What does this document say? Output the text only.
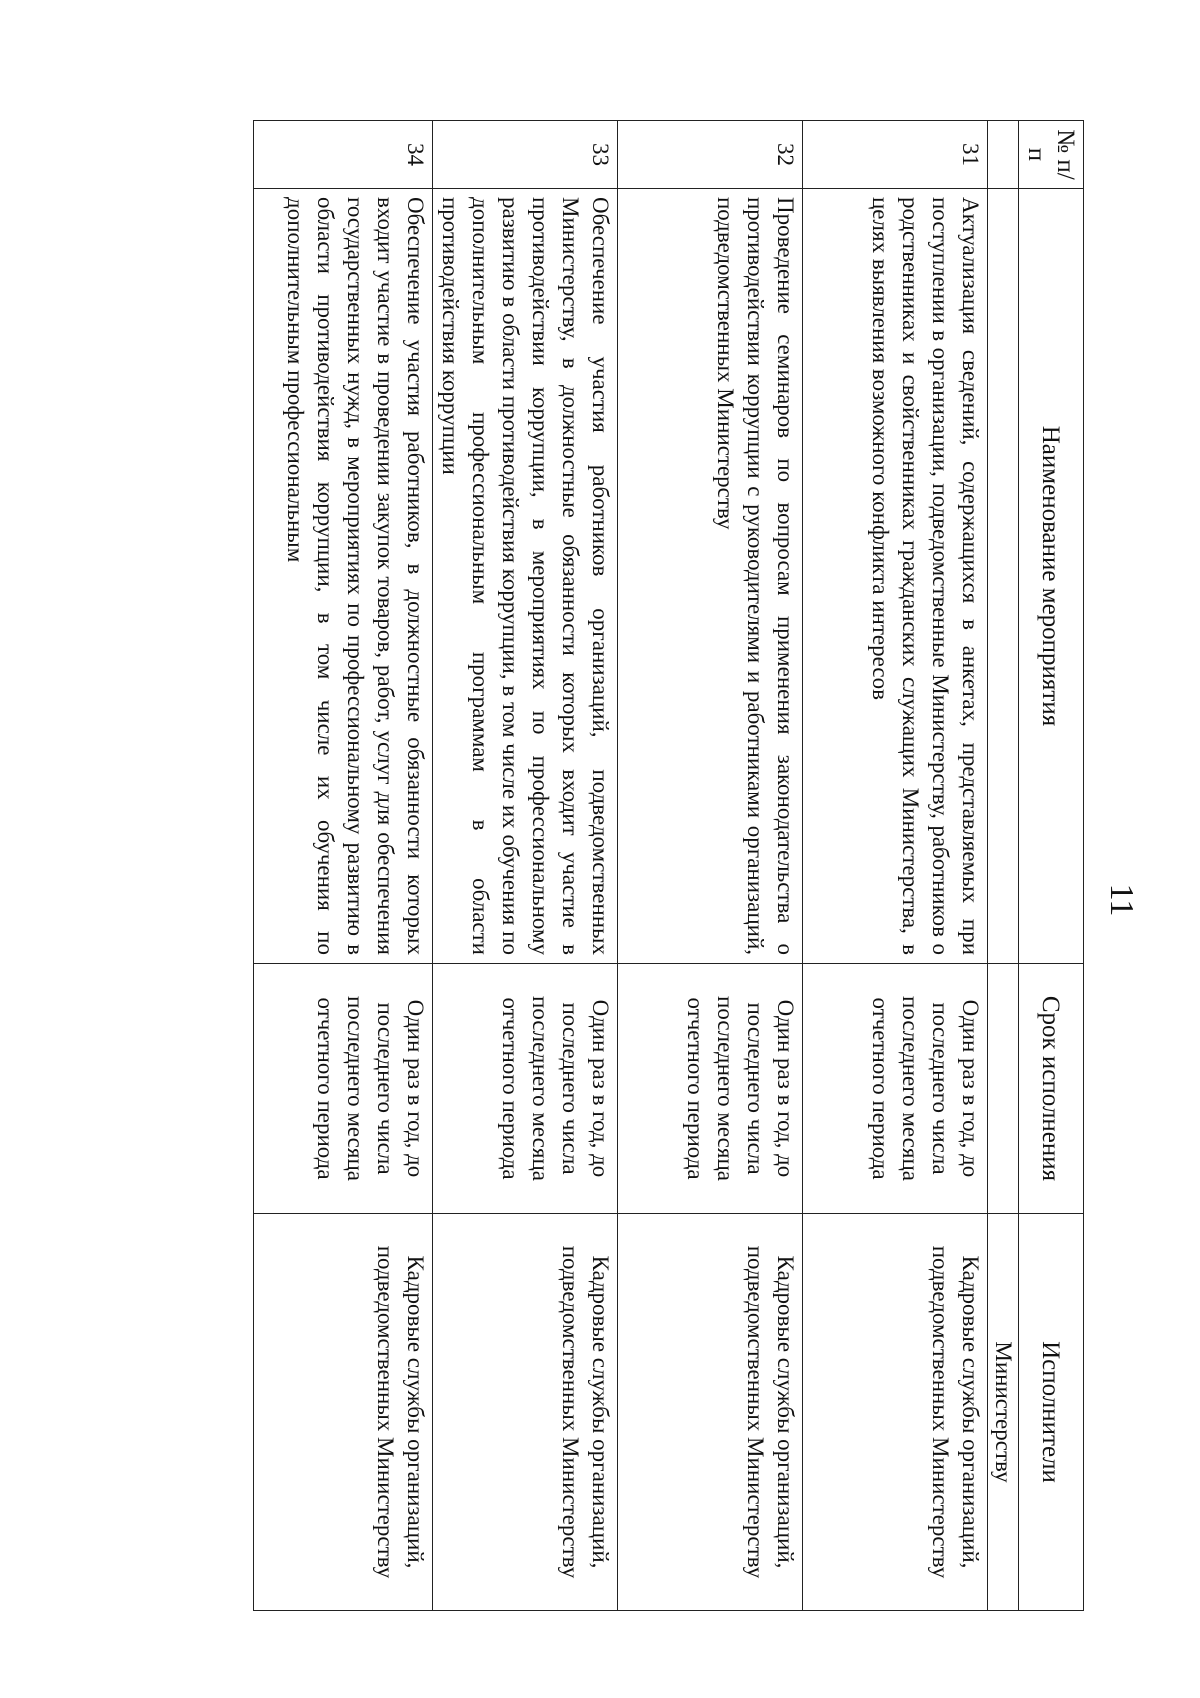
11
№ п/п	Наименование мероприятия	Срок исполнения	Исполнители
			Министерству
31	Актуализация сведений, содержащихся в анкетах, представляемых при поступлении в организации, подведомственные Министерству, работников о родственниках и свойственниках гражданских служащих Министерства, в целях выявления возможного конфликта интересов	Один раз в год, до последнего числа последнего месяца отчетного периода	Кадровые службы организаций, подведомственных Министерству
32	Проведение семинаров по вопросам применения законодательства о противодействии коррупции с руководителями и работниками организаций, подведомственных Министерству	Один раз в год, до последнего числа последнего месяца отчетного периода	Кадровые службы организаций, подведомственных Министерству
33	Обеспечение участия работников организаций, подведомственных Министерству, в должностные обязанности которых входит участие в противодействии коррупции, в мероприятиях по профессиональному развитию в области противодействия коррупции, в том числе их обучения по дополнительным профессиональным программам в области противодействия коррупции	Один раз в год, до последнего числа последнего месяца отчетного периода	Кадровые службы организаций, подведомственных Министерству
34	Обеспечение участия работников, в должностные обязанности которых входит участие в проведении закупок товаров, работ, услуг для обеспечения государственных нужд, в мероприятиях по профессиональному развитию в области противодействия коррупции, в том числе их обучения по дополнительным профессиональным	Один раз в год, до последнего числа последнего месяца отчетного периода	Кадровые службы организаций, подведомственных Министерству
